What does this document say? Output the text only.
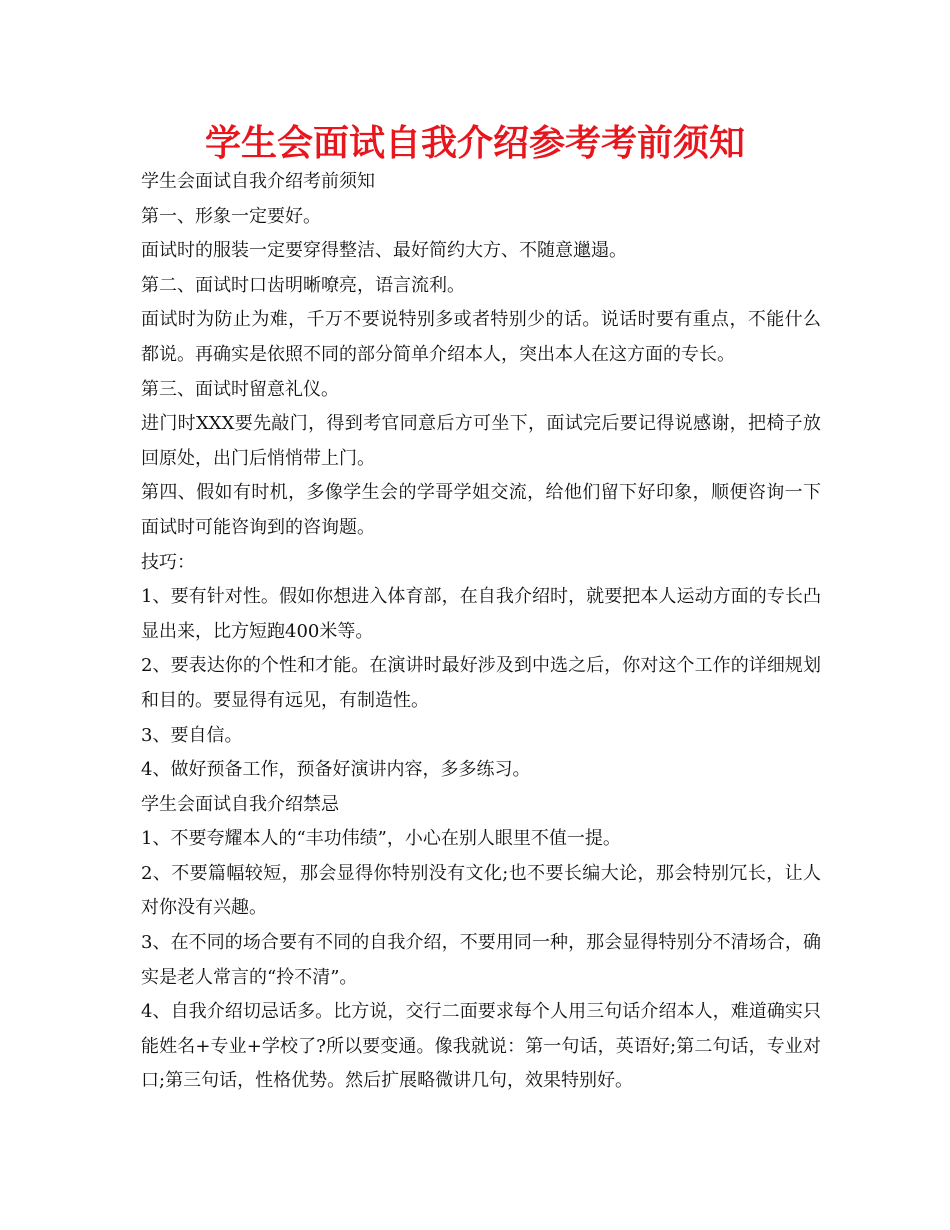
学生会面试自我介绍参考考前须知

学生会面试自我介绍考前须知

第一、形象一定要好。

面试时的服装一定要穿得整洁、最好简约大方、不随意邋遢。

第二、面试时口齿明晰嘹亮，语言流利。

面试时为防止为难，千万不要说特别多或者特别少的话。说话时要有重点，不能什么都说。再确实是依照不同的部分简单介绍本人，突出本人在这方面的专长。

第三、面试时留意礼仪。

进门时XXX要先敲门，得到考官同意后方可坐下，面试完后要记得说感谢，把椅子放回原处，出门后悄悄带上门。

第四、假如有时机，多像学生会的学哥学姐交流，给他们留下好印象，顺便咨询一下面试时可能咨询到的咨询题。

技巧：

1、要有针对性。假如你想进入体育部，在自我介绍时，就要把本人运动方面的专长凸显出来，比方短跑400米等。

2、要表达你的个性和才能。在演讲时最好涉及到中选之后，你对这个工作的详细规划和目的。要显得有远见，有制造性。

3、要自信。

4、做好预备工作，预备好演讲内容，多多练习。

学生会面试自我介绍禁忌

1、不要夸耀本人的“丰功伟绩”，小心在别人眼里不值一提。

2、不要篇幅较短，那会显得你特别没有文化;也不要长编大论，那会特别冗长，让人对你没有兴趣。

3、在不同的场合要有不同的自我介绍，不要用同一种，那会显得特别分不清场合，确实是老人常言的“拎不清”。

4、自我介绍切忌话多。比方说，交行二面要求每个人用三句话介绍本人，难道确实只能姓名+专业+学校了?所以要变通。像我就说：第一句话，英语好;第二句话，专业对口;第三句话，性格优势。然后扩展略微讲几句，效果特别好。
